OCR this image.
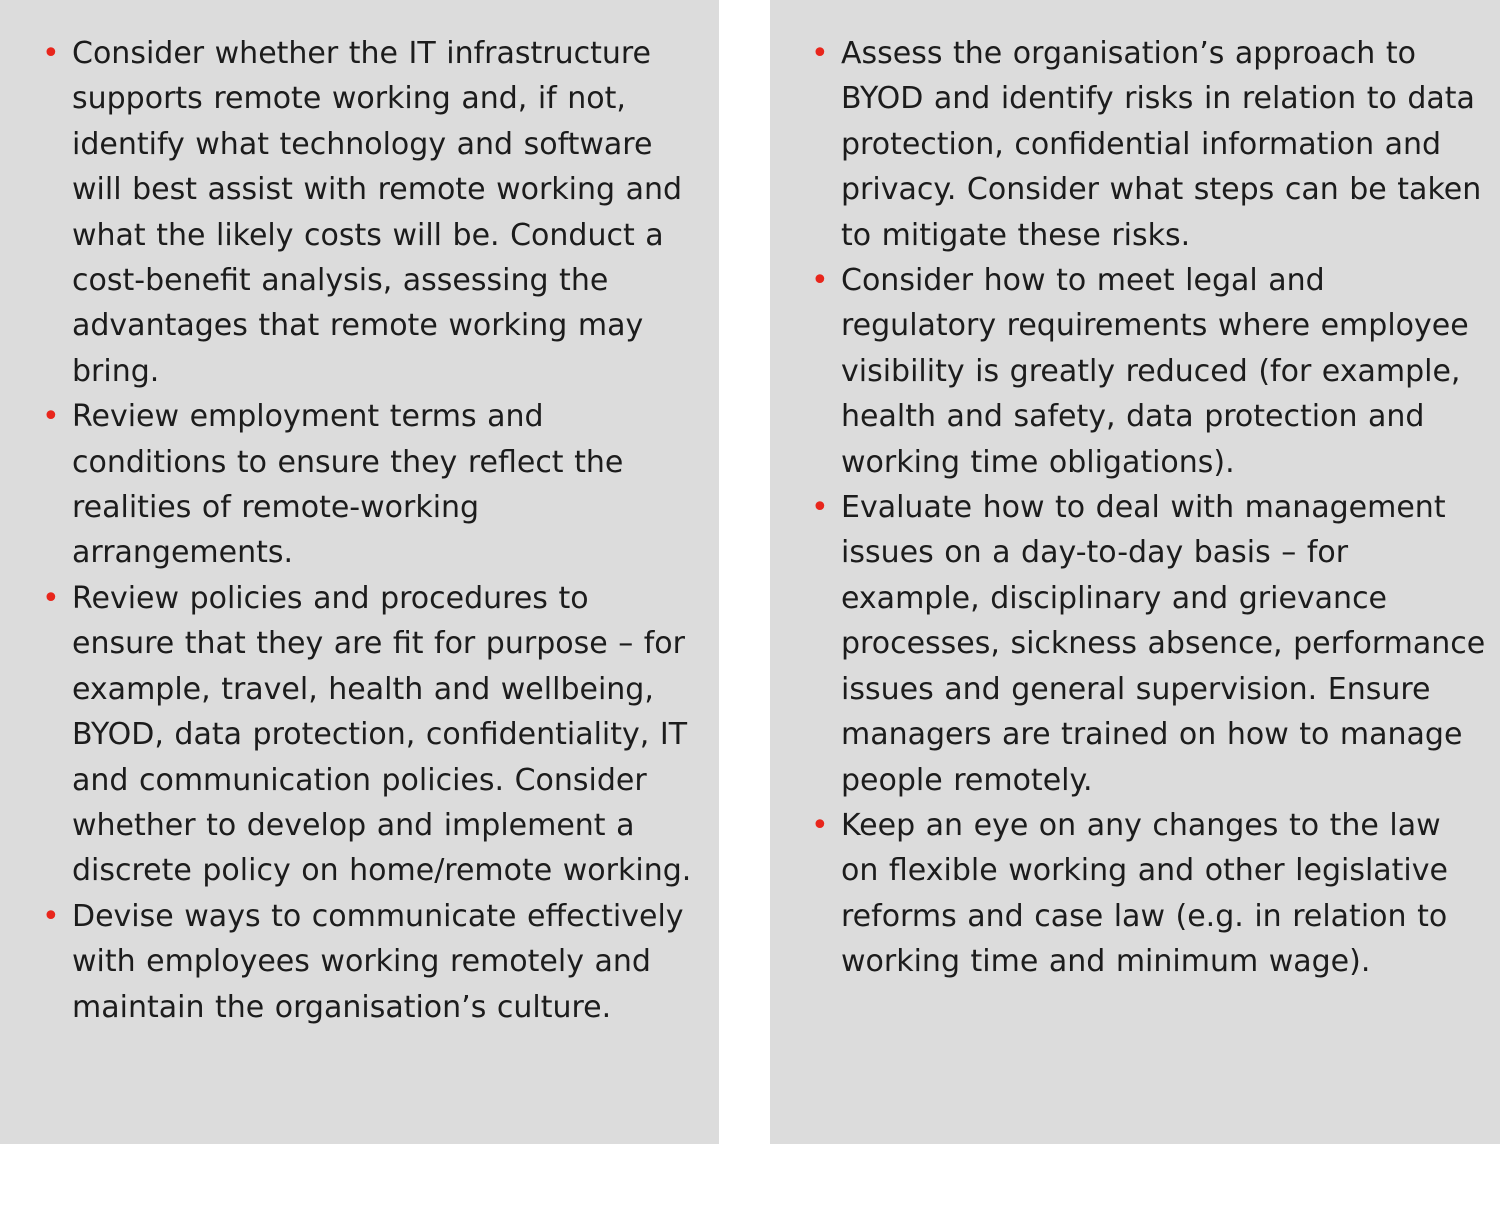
• Consider whether the IT infrastructure supports remote working and, if not, identify what technology and software will best assist with remote working and what the likely costs will be. Conduct a cost-benefit analysis, assessing the advantages that remote working may bring.
• Review employment terms and conditions to ensure they reflect the realities of remote-working arrangements.
• Review policies and procedures to ensure that they are fit for purpose – for example, travel, health and wellbeing, BYOD, data protection, confidentiality, IT and communication policies. Consider whether to develop and implement a discrete policy on home/remote working.
• Devise ways to communicate effectively with employees working remotely and maintain the organisation’s culture.
• Assess the organisation’s approach to BYOD and identify risks in relation to data protection, confidential information and privacy. Consider what steps can be taken to mitigate these risks.
• Consider how to meet legal and regulatory requirements where employee visibility is greatly reduced (for example, health and safety, data protection and working time obligations).
• Evaluate how to deal with management issues on a day-to-day basis – for example, disciplinary and grievance processes, sickness absence, performance issues and general supervision. Ensure managers are trained on how to manage people remotely.
• Keep an eye on any changes to the law on flexible working and other legislative reforms and case law (e.g. in relation to working time and minimum wage).
